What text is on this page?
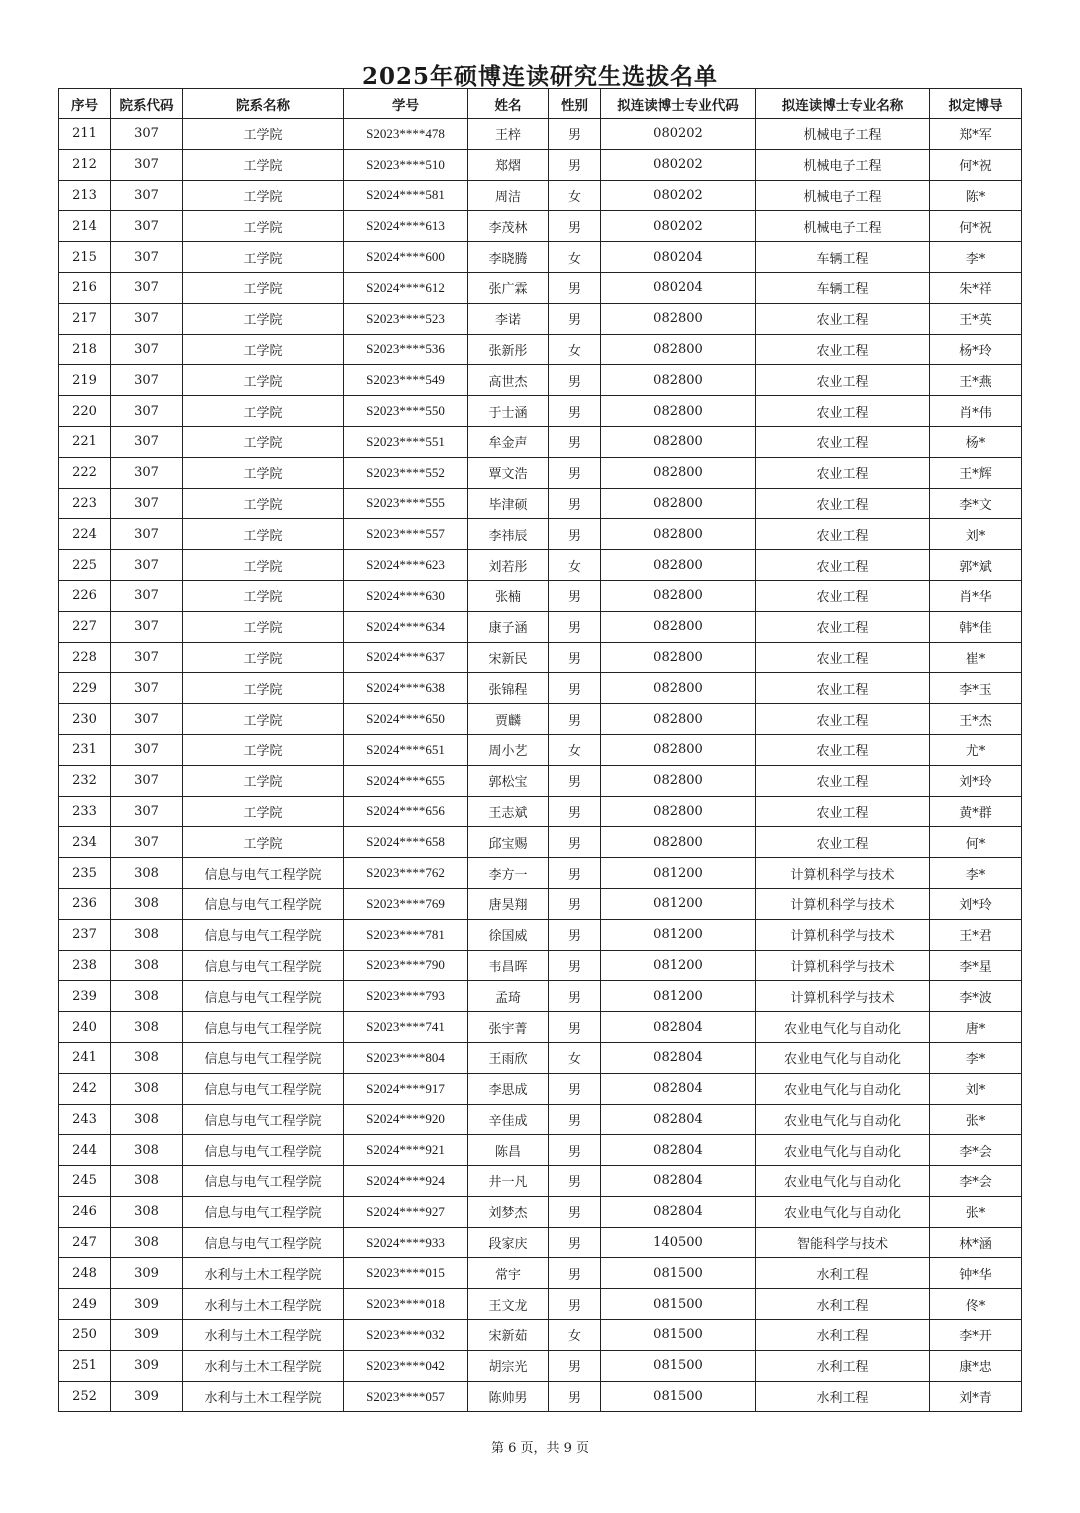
2025年硕博连读研究生选拔名单
序号	院系代码	院系名称	学号	姓名	性别	拟连读博士专业代码	拟连读博士专业名称	拟定博导
211	307	工学院	S2023****478	王梓	男	080202	机械电子工程	郑*军
212	307	工学院	S2023****510	郑熠	男	080202	机械电子工程	何*祝
213	307	工学院	S2024****581	周洁	女	080202	机械电子工程	陈*
214	307	工学院	S2024****613	李茂林	男	080202	机械电子工程	何*祝
215	307	工学院	S2024****600	李晓腾	女	080204	车辆工程	李*
216	307	工学院	S2024****612	张广霖	男	080204	车辆工程	朱*祥
217	307	工学院	S2023****523	李诺	男	082800	农业工程	王*英
218	307	工学院	S2023****536	张新彤	女	082800	农业工程	杨*玲
219	307	工学院	S2023****549	高世杰	男	082800	农业工程	王*燕
220	307	工学院	S2023****550	于士涵	男	082800	农业工程	肖*伟
221	307	工学院	S2023****551	牟金声	男	082800	农业工程	杨*
222	307	工学院	S2023****552	覃文浩	男	082800	农业工程	王*辉
223	307	工学院	S2023****555	毕津硕	男	082800	农业工程	李*文
224	307	工学院	S2023****557	李祎辰	男	082800	农业工程	刘*
225	307	工学院	S2024****623	刘若彤	女	082800	农业工程	郭*斌
226	307	工学院	S2024****630	张楠	男	082800	农业工程	肖*华
227	307	工学院	S2024****634	康子涵	男	082800	农业工程	韩*佳
228	307	工学院	S2024****637	宋新民	男	082800	农业工程	崔*
229	307	工学院	S2024****638	张锦程	男	082800	农业工程	李*玉
230	307	工学院	S2024****650	贾麟	男	082800	农业工程	王*杰
231	307	工学院	S2024****651	周小艺	女	082800	农业工程	尤*
232	307	工学院	S2024****655	郭松宝	男	082800	农业工程	刘*玲
233	307	工学院	S2024****656	王志斌	男	082800	农业工程	黄*群
234	307	工学院	S2024****658	邱宝赐	男	082800	农业工程	何*
235	308	信息与电气工程学院	S2023****762	李方一	男	081200	计算机科学与技术	李*
236	308	信息与电气工程学院	S2023****769	唐昊翔	男	081200	计算机科学与技术	刘*玲
237	308	信息与电气工程学院	S2023****781	徐国威	男	081200	计算机科学与技术	王*君
238	308	信息与电气工程学院	S2023****790	韦昌晖	男	081200	计算机科学与技术	李*星
239	308	信息与电气工程学院	S2023****793	孟琦	男	081200	计算机科学与技术	李*波
240	308	信息与电气工程学院	S2023****741	张宇菁	男	082804	农业电气化与自动化	唐*
241	308	信息与电气工程学院	S2023****804	王雨欣	女	082804	农业电气化与自动化	李*
242	308	信息与电气工程学院	S2024****917	李思成	男	082804	农业电气化与自动化	刘*
243	308	信息与电气工程学院	S2024****920	辛佳成	男	082804	农业电气化与自动化	张*
244	308	信息与电气工程学院	S2024****921	陈昌	男	082804	农业电气化与自动化	李*会
245	308	信息与电气工程学院	S2024****924	井一凡	男	082804	农业电气化与自动化	李*会
246	308	信息与电气工程学院	S2024****927	刘梦杰	男	082804	农业电气化与自动化	张*
247	308	信息与电气工程学院	S2024****933	段家庆	男	140500	智能科学与技术	林*涵
248	309	水利与土木工程学院	S2023****015	常宇	男	081500	水利工程	钟*华
249	309	水利与土木工程学院	S2023****018	王文龙	男	081500	水利工程	佟*
250	309	水利与土木工程学院	S2023****032	宋新茹	女	081500	水利工程	李*开
251	309	水利与土木工程学院	S2023****042	胡宗光	男	081500	水利工程	康*忠
252	309	水利与土木工程学院	S2023****057	陈帅男	男	081500	水利工程	刘*青
第 6 页，共 9 页
